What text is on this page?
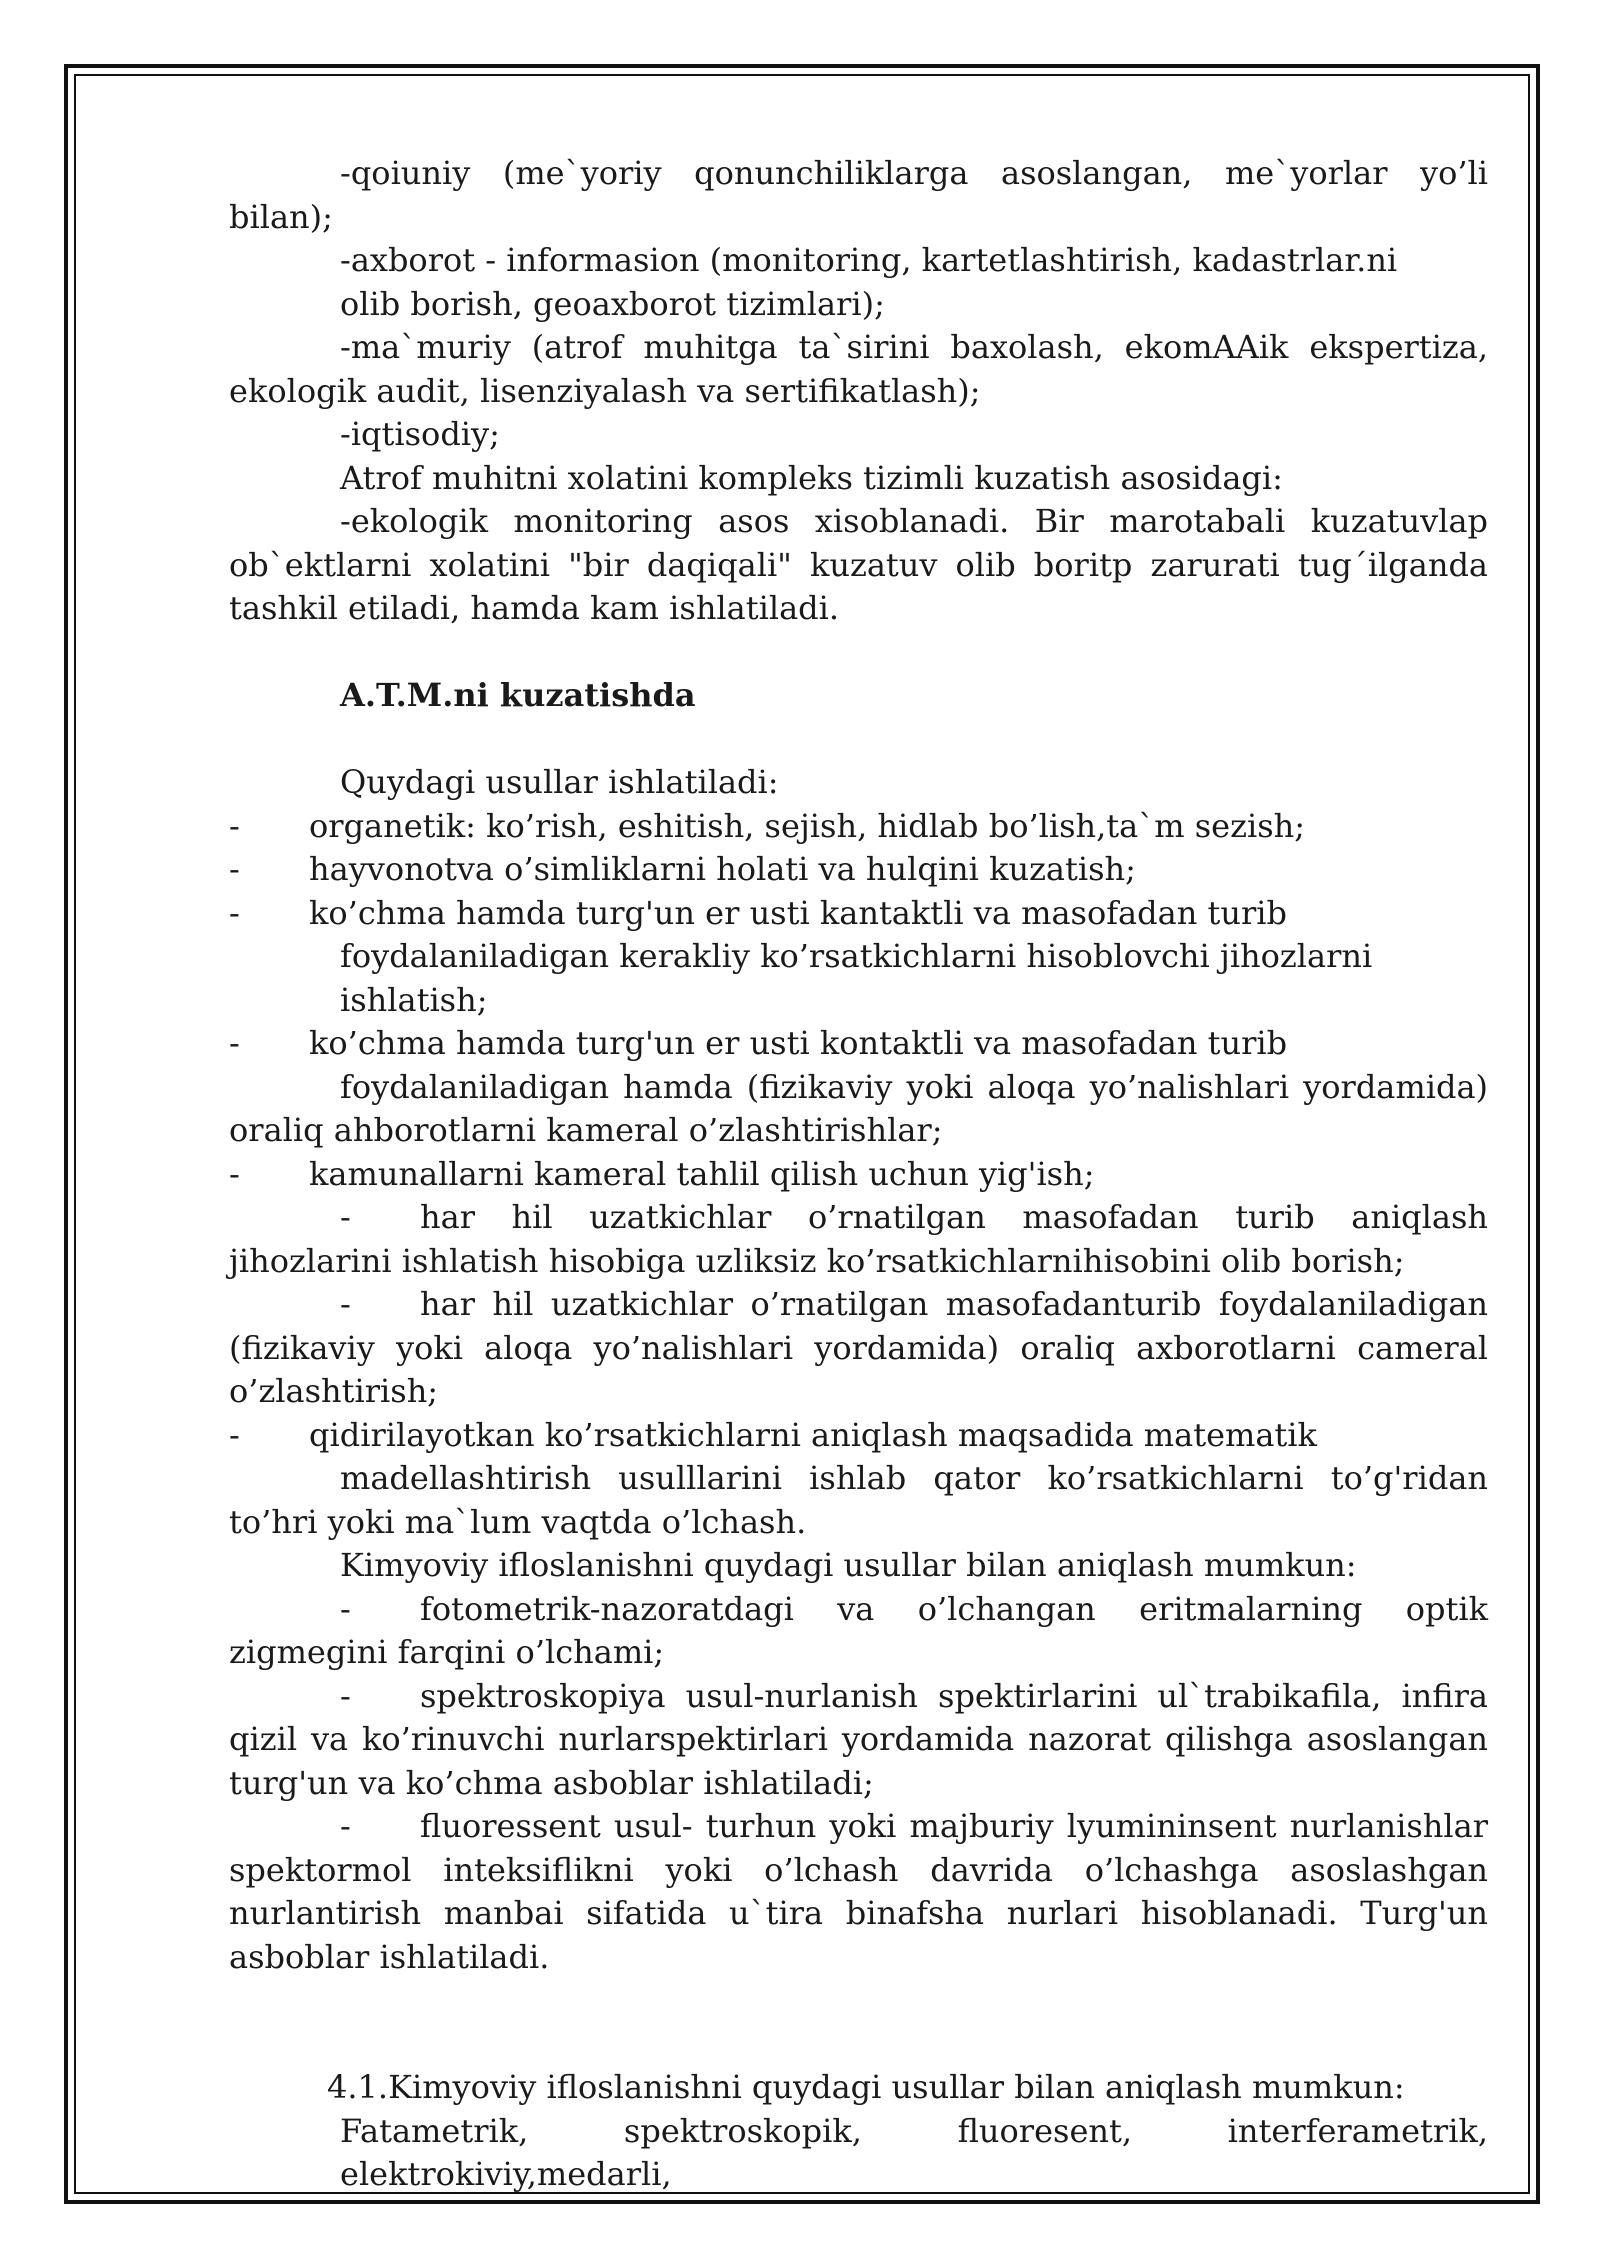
-qoiuniy (me`yoriy qonunchiliklarga asoslangan, me`yorlar yo’li bilan);

-axborot - informasion (monitoring, kartetlashtirish, kadastrlar.ni

olib borish, geoaxborot tizimlari);

-ma`muriy (atrof muhitga ta`sirini baxolash, ekomAAik ekspertiza, ekologik audit, lisenziyalash va sertifikatlash);

-iqtisodiy;

Atrof muhitni xolatini kompleks tizimli kuzatish asosidagi:

-ekologik monitoring asos xisoblanadi. Bir marotabali kuzatuvlap ob`ektlarni xolatini "bir daqiqali" kuzatuv olib boritp zarurati tug´ilganda tashkil etiladi, hamda kam ishlatiladi.

A.T.M.ni kuzatishda

Quydagi usullar ishlatiladi:

- organetik: ko’rish, eshitish, sejish, hidlab bo’lish,ta`m sezish;

- hayvonotva o’simliklarni holati va hulqini kuzatish;

- ko’chma hamda turg'un er usti kantaktli va masofadan turib

foydalaniladigan kerakliy ko’rsatkichlarni hisoblovchi jihozlarni

ishlatish;

- ko’chma hamda turg'un er usti kontaktli va masofadan turib

foydalaniladigan hamda (fizikaviy yoki aloqa yo’nalishlari yordamida) oraliq ahborotlarni kameral o’zlashtirishlar;

- kamunallarni kameral tahlil qilish uchun yig'ish;

- har hil uzatkichlar o’rnatilgan masofadan turib aniqlash jihozlarini ishlatish hisobiga uzliksiz ko’rsatkichlarnihisobini olib borish;

- har hil uzatkichlar o’rnatilgan masofadanturib foydalaniladigan (fizikaviy yoki aloqa yo’nalishlari yordamida) oraliq axborotlarni cameral o’zlashtirish;

- qidirilayotkan ko’rsatkichlarni aniqlash maqsadida matematik

madellashtirish usulllarini ishlab qator ko’rsatkichlarni to’g'ridan to’hri yoki ma`lum vaqtda o’lchash.

Kimyoviy ifloslanishni quydagi usullar bilan aniqlash mumkun:

- fotometrik-nazoratdagi va o’lchangan eritmalarning optik zigmegini farqini o’lchami;

- spektroskopiya usul-nurlanish spektirlarini ul`trabikafila, infira qizil va ko’rinuvchi nurlarspektirlari yordamida nazorat qilishga asoslangan turg'un va ko’chma asboblar ishlatiladi;

- fluoressent usul- turhun yoki majburiy lyumininsent nurlanishlar spektormol inteksiflikni yoki o’lchash davrida o’lchashga asoslashgan nurlantirish manbai sifatida u`tira binafsha nurlari hisoblanadi. Turg'un asboblar ishlatiladi.

4.1.Kimyoviy ifloslanishni quydagi usullar bilan aniqlash mumkun:

Fatametrik, spektroskopik, fluoresent, interferametrik, elektrokiviy,medarli,
